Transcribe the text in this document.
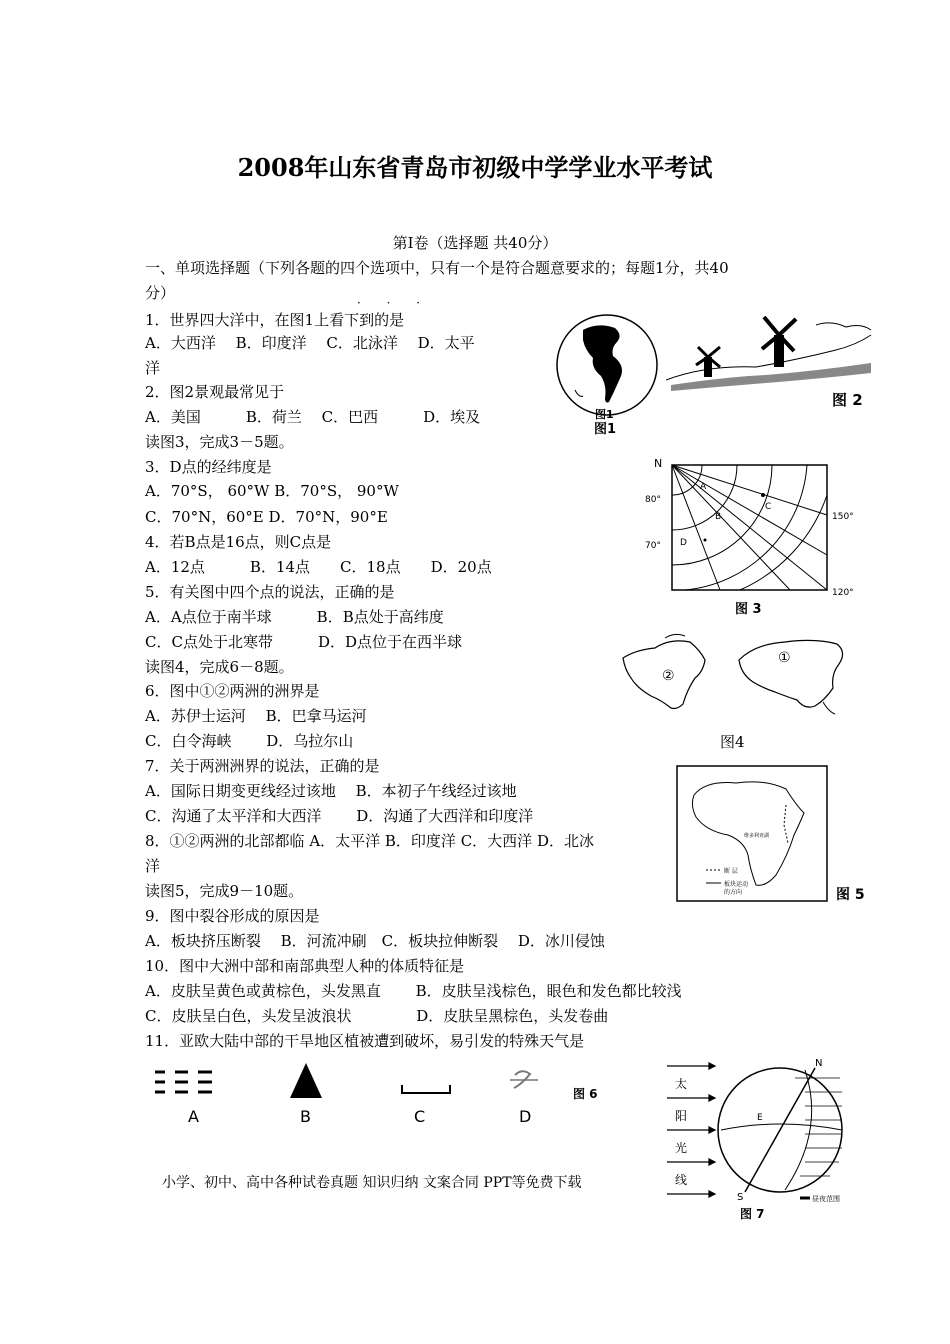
2008年山东省青岛市初级中学学业水平考试
第Ⅰ卷（选择题 共40分）
· · ·
一、单项选择题（下列各题的四个选项中，只有一个是符合题意要求的；每题1分，共40
分）
1．世界四大洋中，在图1上看下到的是
A．大西洋　 B．印度洋　 C．北泳洋　 D．太平
洋
2．图2景观最常见于
A．美国　　　B．荷兰　 C．巴西　　　D．埃及
读图3，完成3－5题。
3．D点的经纬度是
A．70°S， 60°W B．70°S， 90°W
C．70°N，60°E D．70°N，90°E
4．若B点是16点，则C点是
A．12点　　　B．14点　　C．18点　　D．20点
5．有关图中四个点的说法，正确的是
A．A点位于南半球　　　B．B点处于高纬度
C．C点处于北寒带　　　D．D点位于在西半球
读图4，完成6－8题。
6．图中①②两洲的洲界是
A．苏伊士运河　 B．巴拿马运河
C．白令海峡　　 D．乌拉尔山
7．关于两洲洲界的说法，正确的是
A．国际日期变更线经过该地　 B．本初子午线经过该地
C．沟通了太平洋和大西洋　　 D．沟通了大西洋和印度洋
8．①②两洲的北部都临 A．太平洋 B．印度洋 C．大西洋 D．北冰
洋
读图5，完成9－10题。
9．图中裂谷形成的原因是
A．板块挤压断裂　 B．河流冲刷　C．板块拉伸断裂　 D．冰川侵蚀
10．图中大洲中部和南部典型人种的体质特征是
A．皮肤呈黄色或黄棕色，头发黑直　　 B．皮肤呈浅棕色，眼色和发色都比较浅
C．皮肤呈白色，头发呈波浪状　　　　 D．皮肤呈黑棕色，头发卷曲
11．亚欧大陆中部的干旱地区植被遭到破坏，易引发的特殊天气是
图1
图1
图 2
N
80°
70°
150°
120°
A
B
C
D
图 3
②
①
图4
断 层
板块运动
的方向
维多利亚湖
图 5
A	B	C	D
图 6
N
S
E
太
阳
光
线
昼夜范围
图 7
小学、初中、高中各种试卷真题 知识归纳 文案合同 PPT等免费下载
